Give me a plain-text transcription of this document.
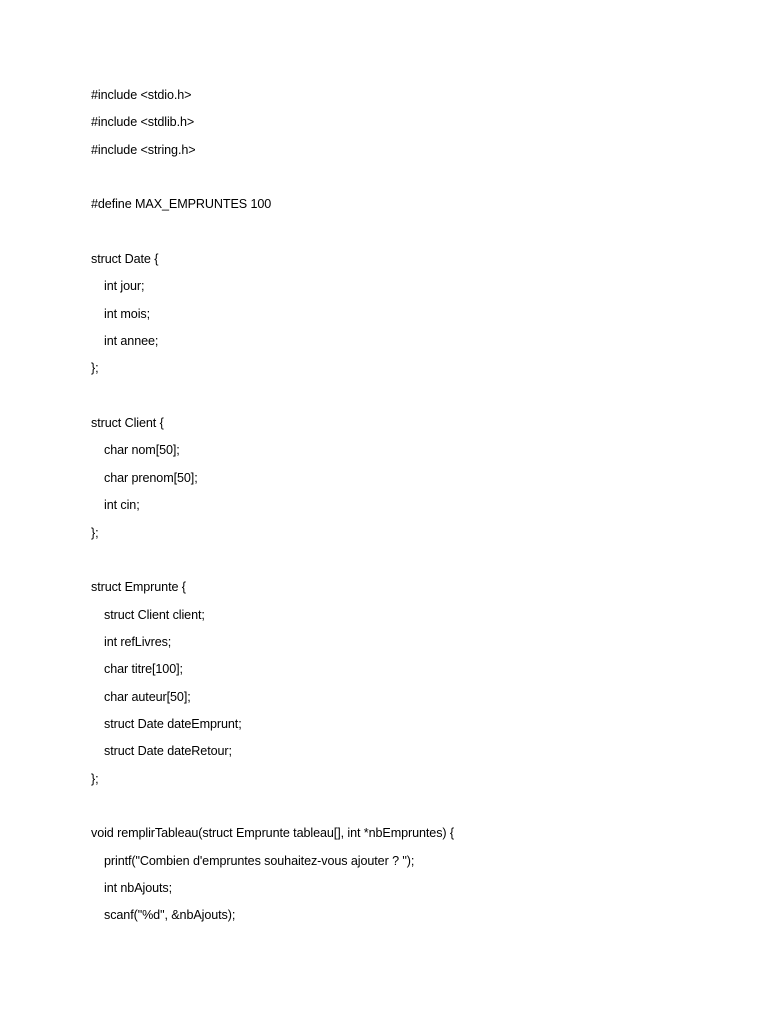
#include <stdio.h>
#include <stdlib.h>
#include <string.h>
#define MAX_EMPRUNTES 100
struct Date {
int jour;
int mois;
int annee;
};
struct Client {
char nom[50];
char prenom[50];
int cin;
};
struct Emprunte {
struct Client client;
int refLivres;
char titre[100];
char auteur[50];
struct Date dateEmprunt;
struct Date dateRetour;
};
void remplirTableau(struct Emprunte tableau[], int *nbEmpruntes) {
printf("Combien d'empruntes souhaitez-vous ajouter ? ");
int nbAjouts;
scanf("%d", &nbAjouts);
